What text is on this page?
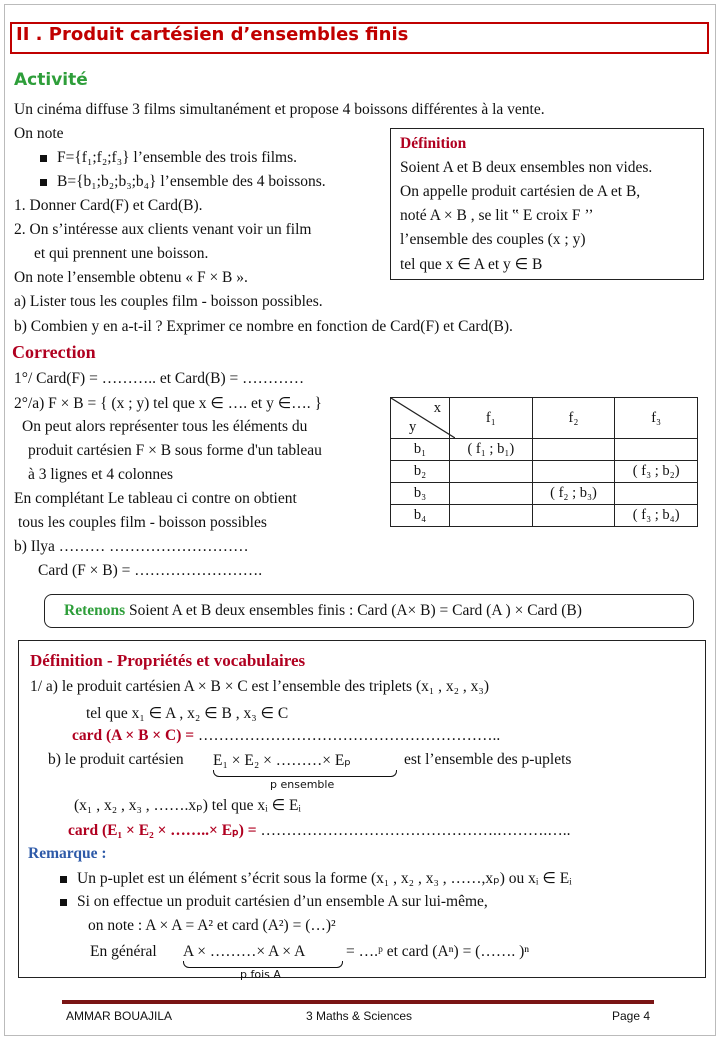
II . Produit cartésien d’ensembles finis
Activité
Un cinéma diffuse 3 films simultanément et propose 4 boissons différentes à la vente.
On note
F={f₁;f₂;f₃} l’ensemble des trois films.
B={b₁;b₂;b₃;b₄} l’ensemble des 4 boissons.
1. Donner Card(F) et Card(B).
2. On s’intéresse aux clients venant voir un film
et qui prennent une boisson.
On note l’ensemble obtenu « F × B ».
a) Lister tous les couples film - boisson possibles.
b) Combien y en a-t-il ? Exprimer ce nombre en fonction de Card(F) et Card(B).
Définition
Soient A et B deux ensembles non vides.
On appelle produit cartésien de A et B,
noté A × B , se lit ‟ E croix F ’’
l’ensemble des couples (x ; y)
tel que x ∈ A et y ∈ B
Correction
1°/ Card(F) = ……….. et Card(B) = …………
2°/a) F × B = { (x ; y) tel que x ∈ …. et y ∈…. }
On peut alors représenter tous les éléments du
produit cartésien F × B sous forme d'un tableau
à 3 lignes et 4 colonnes
En complétant Le tableau ci contre on obtient
tous les couples film - boisson possibles
b) Ilya ……… ………………………
Card (F × B) = …………………….
x
y	f₁	f₂	f₃
b₁	( f₁ ; b₁)		
b₂			( f₃ ; b₂)
b₃		( f₂ ; b₃)	
b₄			( f₃ ; b₄)
Retenons Soient A et B deux ensembles finis : Card (A× B) = Card (A ) × Card (B)
Définition - Propriétés et vocabulaires
1/ a) le produit cartésien A × B × C est l’ensemble des triplets (x₁ , x₂ , x₃)
tel que x₁ ∈ A , x₂ ∈ B , x₃ ∈ C
card (A × B × C) = …………………………………………………..
b) le produit cartésien E₁ × E₂ × ………× Eₚ
p ensemble
est l’ensemble des p-uplets
(x₁ , x₂ , x₃ , …….xₚ) tel que xᵢ ∈ Eᵢ
card (E₁ × E₂ × ……..× Eₚ) = ……………………………………….……….…..
Remarque :
Un p-uplet est un élément s’écrit sous la forme (x₁ , x₂ , x₃ , ……,xₚ) ou xᵢ ∈ Eᵢ
Si on effectue un produit cartésien d’un ensemble A sur lui-même,
on note : A × A = A² et card (A²) = (…)²
En général A × ………× A × A
p fois A
= ….ᵖ et card (Aⁿ) = (……. )ⁿ
AMMAR BOUAJILA	3 Maths & Sciences	Page 4
